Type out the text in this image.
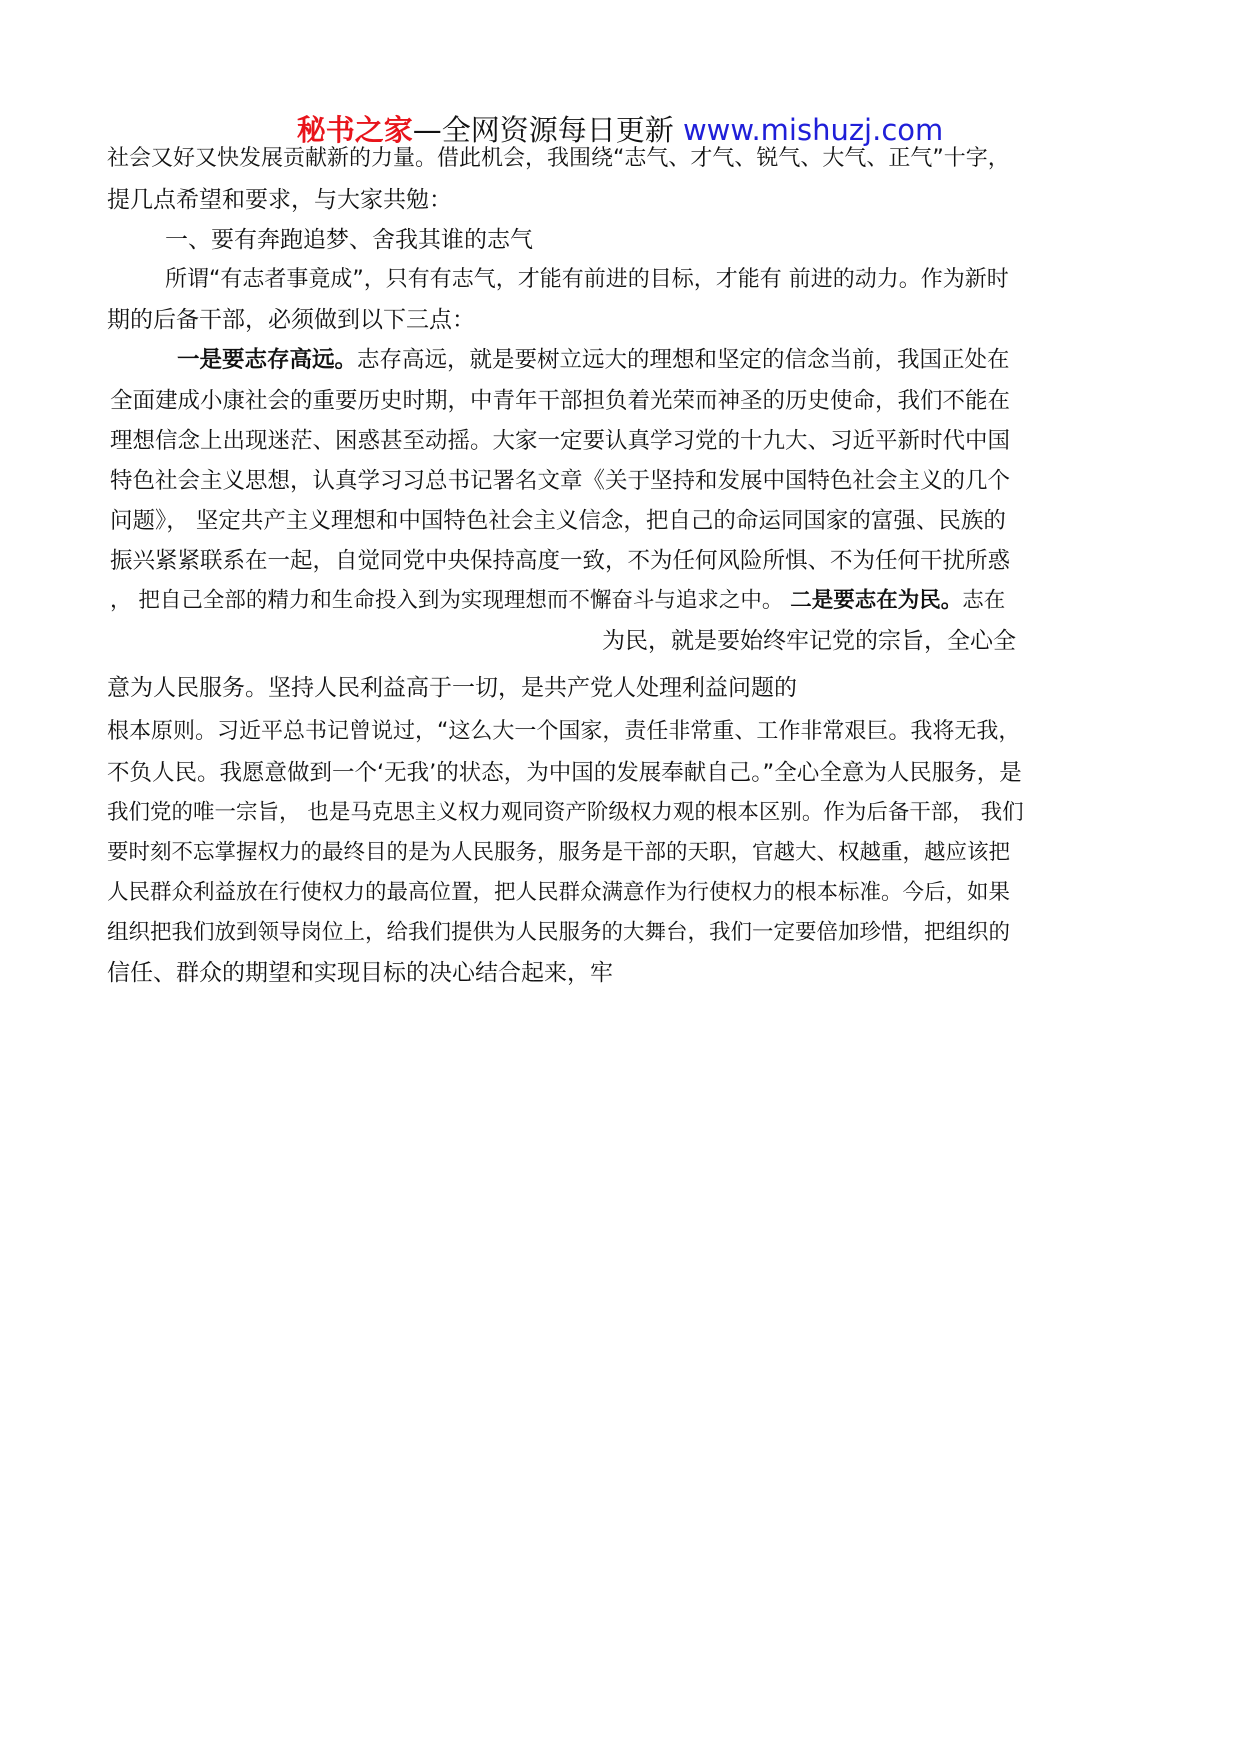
秘书之家—全网资源每日更新 www.mishuzj.com
社会又好又快发展贡献新的力量。借此机会，我围绕“志气、才气、锐气、大气、正气”十字，
提几点希望和要求，与大家共勉：
一、要有奔跑追梦、舍我其谁的志气
所谓“有志者事竟成”，只有有志气，才能有前进的目标，才能有 前进的动力。作为新时
期的后备干部，必须做到以下三点：
一是要志存高远。志存高远，就是要树立远大的理想和坚定的信念当前，我国正处在
全面建成小康社会的重要历史时期，中青年干部担负着光荣而神圣的历史使命，我们不能在
理想信念上出现迷茫、困惑甚至动摇。大家一定要认真学习党的十九大、习近平新时代中国
特色社会主义思想，认真学习习总书记署名文章《关于坚持和发展中国特色社会主义的几个
问题》， 坚定共产主义理想和中国特色社会主义信念，把自己的命运同国家的富强、民族的
振兴紧紧联系在一起，自觉同党中央保持高度一致，不为任何风险所惧、不为任何干扰所惑
， 把自己全部的精力和生命投入到为实现理想而不懈奋斗与追求之中。 二是要志在为民。志在
为民，就是要始终牢记党的宗旨，全心全
意为人民服务。坚持人民利益高于一切，是共产党人处理利益问题的
根本原则。习近平总书记曾说过，“这么大一个国家，责任非常重、工作非常艰巨。我将无我，
不负人民。我愿意做到一个‘无我’的状态，为中国的发展奉献自己。”全心全意为人民服务，是
我们党的唯一宗旨， 也是马克思主义权力观同资产阶级权力观的根本区别。作为后备干部， 我们
要时刻不忘掌握权力的最终目的是为人民服务，服务是干部的天职，官越大、权越重，越应该把
人民群众利益放在行使权力的最高位置，把人民群众满意作为行使权力的根本标准。今后，如果
组织把我们放到领导岗位上，给我们提供为人民服务的大舞台，我们一定要倍加珍惜，把组织的
信任、群众的期望和实现目标的决心结合起来，牢
